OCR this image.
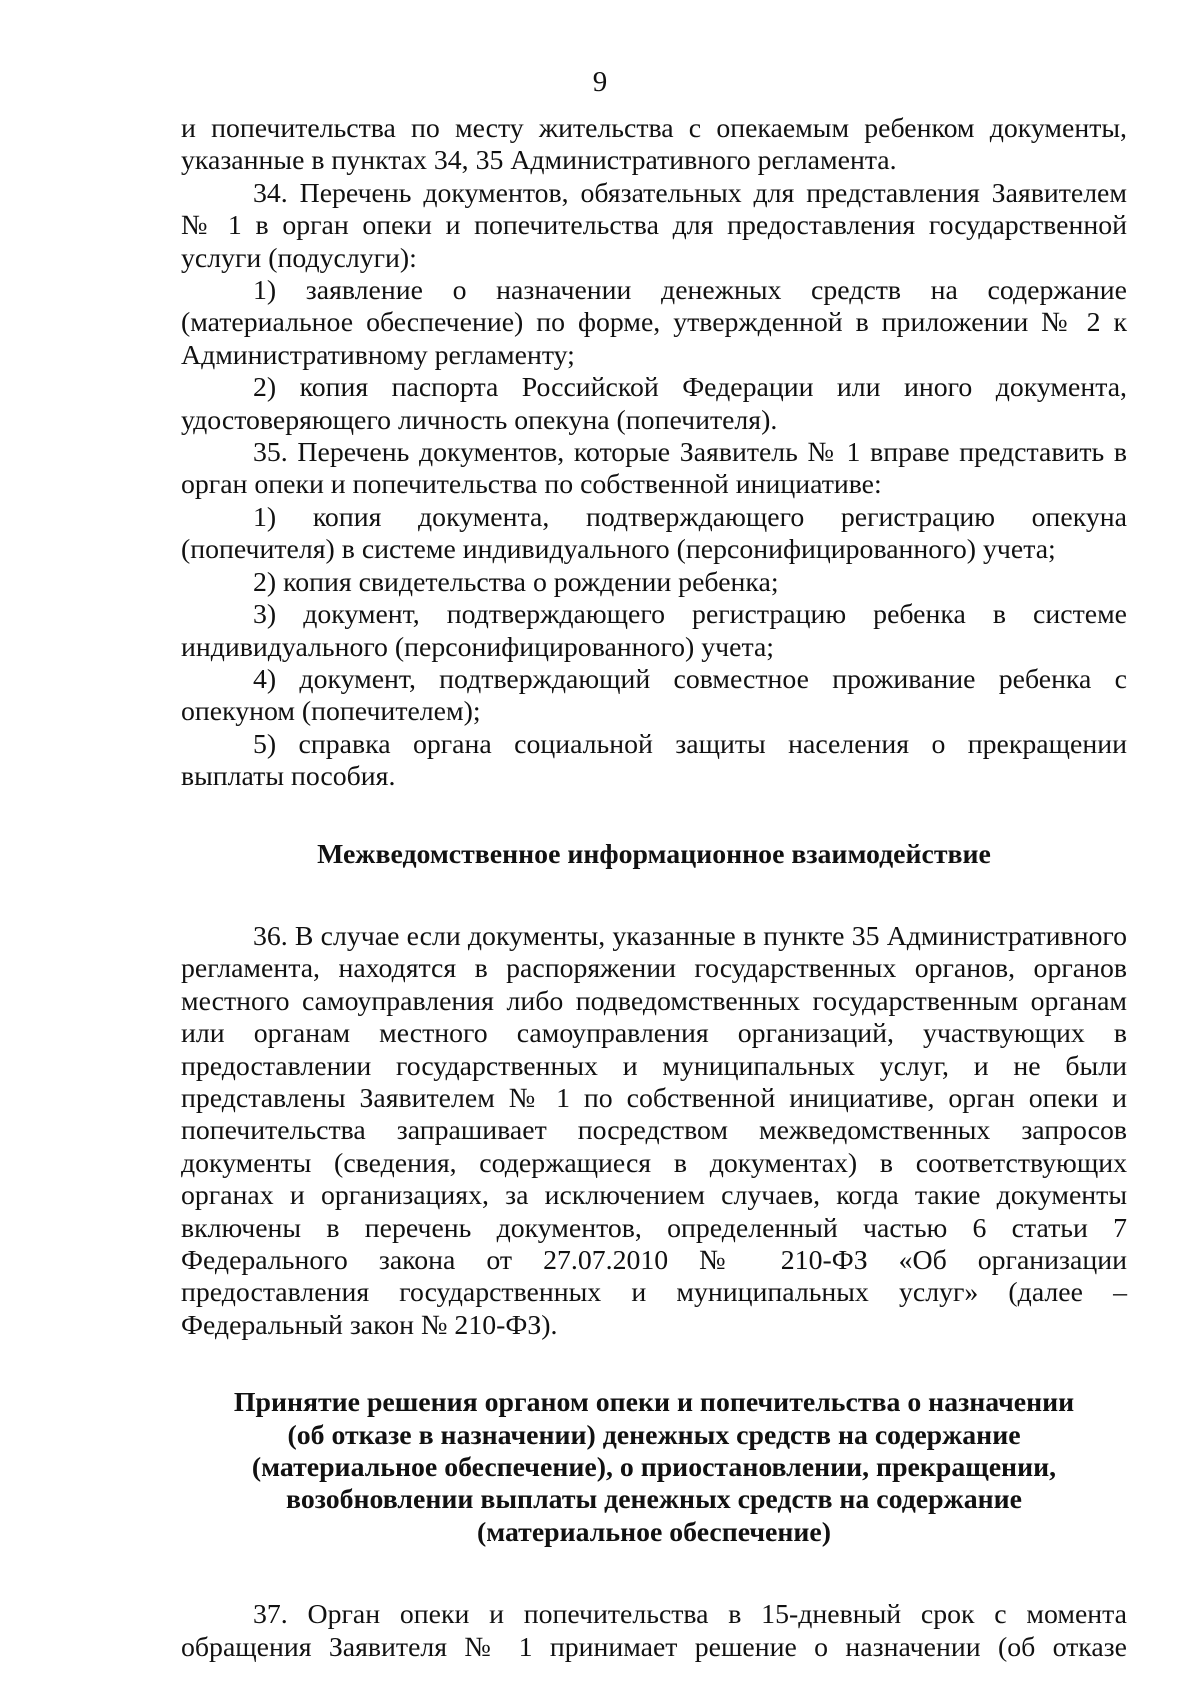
9

и попечительства по месту жительства с опекаемым ребенком документы, указанные в пунктах 34, 35 Административного регламента.

34. Перечень документов, обязательных для представления Заявителем № 1 в орган опеки и попечительства для предоставления государственной услуги (подуслуги):

1) заявление о назначении денежных средств на содержание (материальное обеспечение) по форме, утвержденной в приложении № 2 к Административному регламенту;

2) копия паспорта Российской Федерации или иного документа, удостоверяющего личность опекуна (попечителя).

35. Перечень документов, которые Заявитель № 1 вправе представить в орган опеки и попечительства по собственной инициативе:

1) копия документа, подтверждающего регистрацию опекуна (попечителя) в системе индивидуального (персонифицированного) учета;

2) копия свидетельства о рождении ребенка;

3) документ, подтверждающего регистрацию ребенка в системе индивидуального (персонифицированного) учета;

4) документ, подтверждающий совместное проживание ребенка с опекуном (попечителем);

5) справка органа социальной защиты населения о прекращении выплаты пособия.

Межведомственное информационное взаимодействие

36. В случае если документы, указанные в пункте 35 Административного регламента, находятся в распоряжении государственных органов, органов местного самоуправления либо подведомственных государственным органам или органам местного самоуправления организаций, участвующих в предоставлении государственных и муниципальных услуг, и не были представлены Заявителем № 1 по собственной инициативе, орган опеки и попечительства запрашивает посредством межведомственных запросов документы (сведения, содержащиеся в документах) в соответствующих органах и организациях, за исключением случаев, когда такие документы включены в перечень документов, определенный частью 6 статьи 7 Федерального закона от 27.07.2010 № 210-ФЗ «Об организации предоставления государственных и муниципальных услуг» (далее – Федеральный закон № 210-ФЗ).

Принятие решения органом опеки и попечительства о назначении
(об отказе в назначении) денежных средств на содержание
(материальное обеспечение), о приостановлении, прекращении,
возобновлении выплаты денежных средств на содержание
(материальное обеспечение)

37. Орган опеки и попечительства в 15-дневный срок с момента обращения Заявителя № 1 принимает решение о назначении (об отказе
